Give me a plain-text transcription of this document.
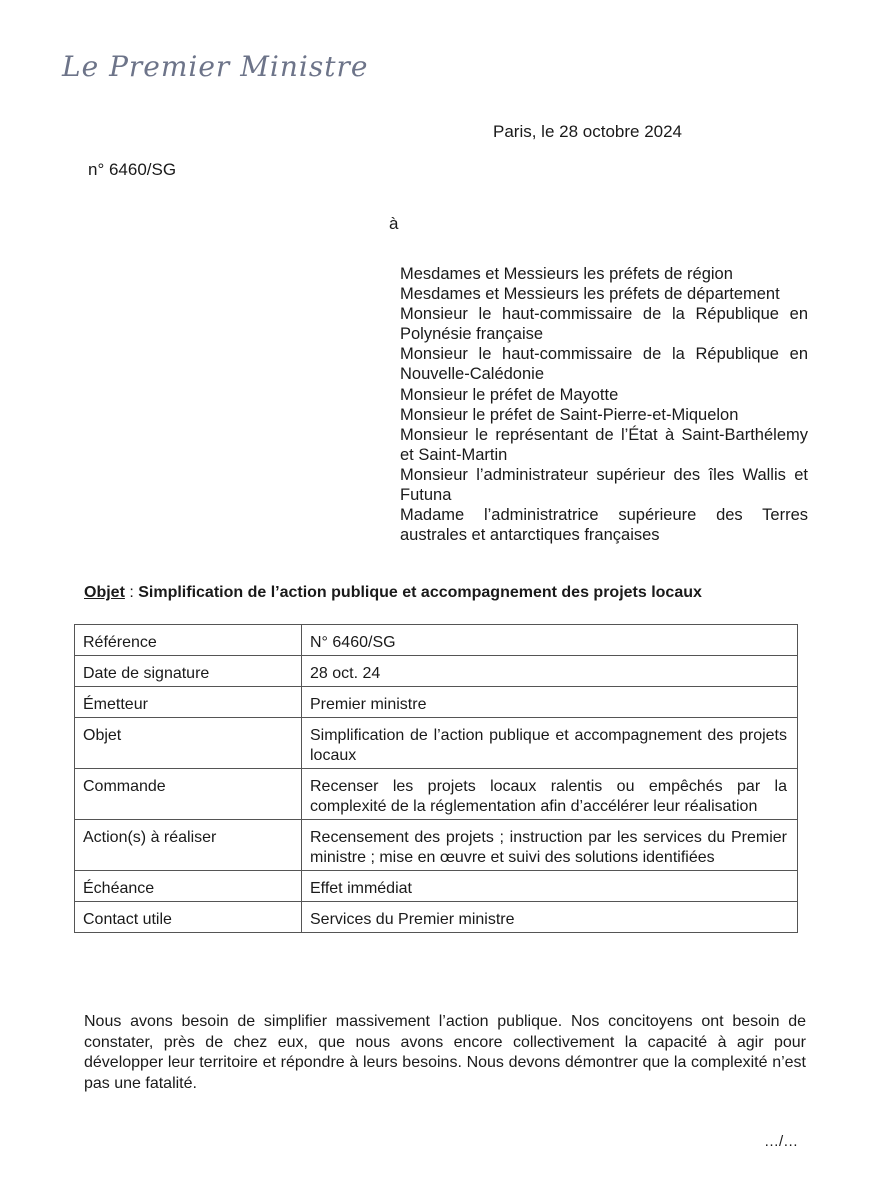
Le Premier Ministre
Paris, le 28 octobre 2024
n° 6460/SG
à
Mesdames et Messieurs les préfets de région
Mesdames et Messieurs les préfets de département
Monsieur le haut-commissaire de la République en Polynésie française
Monsieur le haut-commissaire de la République en Nouvelle-Calédonie
Monsieur le préfet de Mayotte
Monsieur le préfet de Saint-Pierre-et-Miquelon
Monsieur le représentant de l’État à Saint-Barthélemy et Saint-Martin
Monsieur l’administrateur supérieur des îles Wallis et Futuna
Madame l’administratrice supérieure des Terres australes et antarctiques françaises
Objet : Simplification de l’action publique et accompagnement des projets locaux
Référence	N° 6460/SG
Date de signature	28 oct. 24
Émetteur	Premier ministre
Objet	Simplification de l’action publique et accompagnement des projets locaux
Commande	Recenser les projets locaux ralentis ou empêchés par la complexité de la réglementation afin d’accélérer leur réalisation
Action(s) à réaliser	Recensement des projets ; instruction par les services du Premier ministre ; mise en œuvre et suivi des solutions identifiées
Échéance	Effet immédiat
Contact utile	Services du Premier ministre
Nous avons besoin de simplifier massivement l’action publique. Nos concitoyens ont besoin de constater, près de chez eux, que nous avons encore collectivement la capacité à agir pour développer leur territoire et répondre à leurs besoins. Nous devons démontrer que la complexité n’est pas une fatalité.
…/…
